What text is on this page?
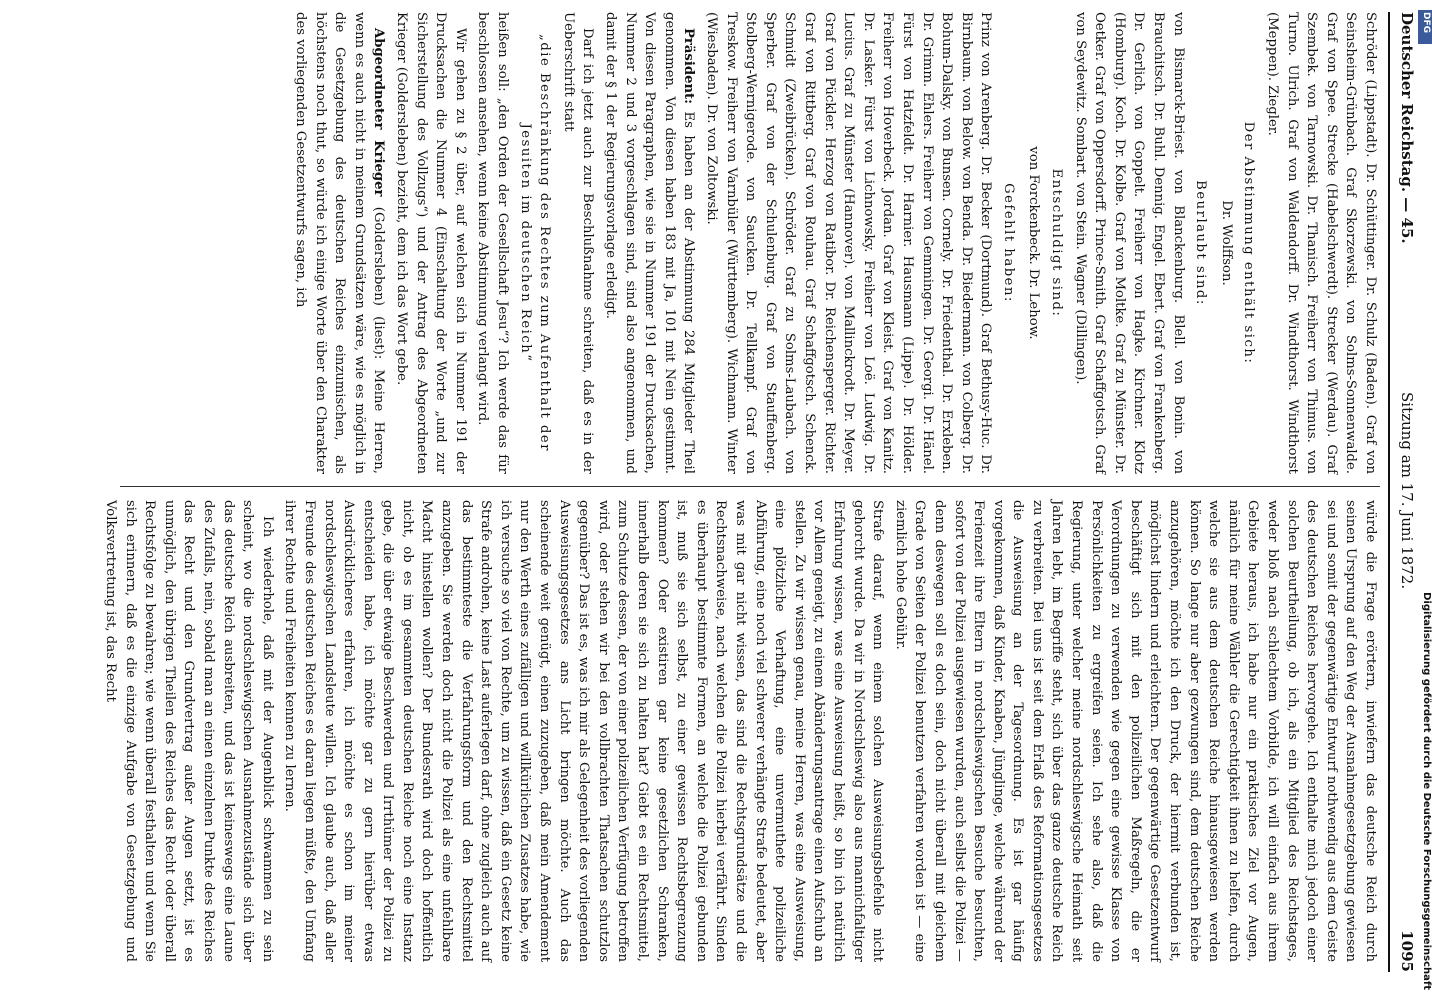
Deutscher Reichstag. — 45.
Sitzung am 17. Juni 1872.
1095

Schröder (Lippstadt). Dr. Schüttinger. Dr. Schulz (Baden). Graf von Seinsheim-Grünbach. Graf Skorzewski. von Solms-Sonnenwalde. Graf von Spee. Strecke (Habelschwerdt). Strecker (Werdau). Graf Szembek. von Tarnowski. Dr. Thanisch. Freiherr von Thimus. von Turno. Ulrich. Graf von Waldendorff. Dr. Windthorst. Windthorst (Meppen). Ziegler.

Der Abstimmung enthält sich:

Dr. Wolffson.

Beurlaubt sind:

von Bismarck-Briest. von Blanckenburg. Blell. von Bonin. von Brauchitsch. Dr. Buhl. Dennig. Engel. Ebert. Graf von Frankenberg. Dr. Gerlich. von Goppelt. Freiherr von Hagke. Kirchner. Klotz (Homburg). Koch. Dr. Kolbe. Graf von Moltke. Graf zu Münster. Dr. Oetker. Graf von Oppersdorff. Prince-Smith. Graf Schaffgotsch. Graf von Seydewitz. Sombart. von Stein. Wagner (Dillingen).

Entschuldigt sind:

von Forckenbeck. Dr. Lehow.

Gefehlt haben:

Prinz von Arenberg. Dr. Becker (Dortmund). Graf Bethusy-Huc. Dr. Birnbaum. von Below. von Benda. Dr. Biedermann. von Colberg. Dr. Bohum-Dalsky. von Bunsen. Cornely. Dr. Friedenthal. Dr. Erxleben. Dr. Grimm. Ehlers. Freiherr von Gemmingen. Dr. Georgi. Dr. Hänel. Fürst von Hatzfeldt. Dr. Harnier. Hausmann (Lippe). Dr. Hölder. Freiherr von Hoverbeck. Jordan. Graf von Kleist. Graf von Kanitz. Dr. Lasker. Fürst von Lichnowsky. Freiherr von Loë. Ludwig. Dr. Lucius. Graf zu Münster (Hannover). von Mallinckrodt. Dr. Meyer. Graf von Pückler. Herzog von Ratibor. Dr. Reichensperger. Richter. Graf von Rittberg. Graf von Rouhau. Graf Schaffgotsch. Schenck. Schmidt (Zweibrücken). Schröder. Graf zu Solms-Laubach. von Sperber. Graf von der Schulenburg. Graf von Stauffenberg. Stolberg-Wernigerode. von Saucken. Dr. Tellkampf. Graf von Treskow. Freiherr von Varnbüler (Württemberg). Wichmann. Winter (Wiesbaden). Dr. von Zoltowski.

Präsident: Es haben an der Abstimmung 284 Mitglieder Theil genommen. Von diesen haben 183 mit Ja, 101 mit Nein gestimmt. Von diesen Paragraphen, wie sie in Nummer 191 der Drucksachen, Nummer 2 und 3 vorgeschlagen sind, sind also angenommen, und damit der § 1 der Regierungsvorlage erledigt.

Darf ich jetzt auch zur Beschlußnahme schreiten, daß es in der Ueberschrift statt

„die Beschränkung des Rechtes zum Aufenthalt der Jesuiten im deutschen Reich“

heißen soll: „den Orden der Gesellschaft Jesu“? Ich werde das für beschlossen ansehen, wenn keine Abstimmung verlangt wird.

Wir gehen zu § 2 über, auf welchen sich in Nummer 191 der Drucksachen die Nummer 4 (Einschaltung der Worte „und zur Sicherstellung des Vollzugs“) und der Antrag des Abgeordneten Krieger (Goldersleben) bezieht, dem ich das Wort gebe.

Abgeordneter Krieger (Goldersleben) (liest): Meine Herren, wenn es auch nicht in meinem Grundsätzen wäre, wie es möglich in die Gesetzgebung des deutschen Reiches einzumischen, als höchstens noch thut, so würde ich einige Worte über den Charakter des vorliegenden Gesetzentwurfs sagen, ich

würde die Frage erörtern, inwiefern das deutsche Reich durch seinen Ursprung auf den Weg der Ausnahmegesetzgebung gewiesen sei und somit der gegenwärtige Entwurf nothwendig aus dem Geiste des deutschen Reiches hervorgehe. Ich enthalte mich jedoch einer solchen Beurtheilung, ob ich, als ein Mitglied des Reichstages, weder bloß nach schlechtem Vorbilde, ich will einfach aus ihrem Gebiete heraus, ich habe nur ein praktisches Ziel vor Augen, nämlich für meine Wähler die Gerechtigkeit ihnen zu helfen, durch welche sie aus dem deutschen Reiche hinausgewiesen werden können. So lange nur aber gezwungen sind, dem deutschen Reiche anzugehören, möchte ich den Druck, der hiermit verbunden ist, möglichst lindern und erleichtern. Der gegenwärtige Gesetzentwurf beschäftigt sich mit den polizeilichen Maßregeln, die er Verordnungen zu verwenden wie gegen eine gewisse Klasse von Persönlichkeiten zu ergreifen seien. Ich sehe also, daß die Regierung, unter welcher meine nordschleswigsche Heimath seit Jahren lebt, im Begriffe steht, sich über das ganze deutsche Reich zu verbreiten. Bei uns ist seit dem Erlaß des Reformationsgesetzes die Ausweisung an der Tagesordnung. Es ist gar häufig vorgekommen, daß Kinder, Knaben, Jünglinge, welche während der Ferienzeit ihre Eltern in nordschleswigschen Besuche besuchten, sofort von der Polizei ausgewiesen wurden, auch selbst die Polizei — denn deswegen soll es doch sein, doch nicht überall mit gleichem Grade von Seiten der Polizei benutzen verfahren worden ist — eine ziemlich hohe Gebühr.

Strafe darauf, wenn einem solchen Ausweisungsbefehle nicht gehorcht wurde. Da wir in Nordschleswig also aus mannichfaltiger Erfahrung wissen, was eine Ausweisung heißt, so bin ich natürlich vor Allem geneigt, zu einem Abänderungsantrage einen Aufschub an stellen. Zu wir wissen genau, meine Herren, was eine Ausweisung, eine plötzliche Verhaftung, eine unvermuthete polizeiliche Abführung, eine noch viel schwerer verhängte Strafe bedeutet, aber was mit gar nicht wissen, das sind die Rechtsgrundsätze und die Rechtsnachweise, nach welchen die Polizei hierbei verfährt. Sinden es überhaupt bestimmte Formen, an welche die Polizei gebunden ist, muß sie sich selbst, zu einer gewissen Rechtsbegrenzung kommen? Oder existiren gar keine gesetzlichen Schranken, innerhalb deren sie sich zu halten hat? Giebt es ein Rechtsmittel, zum Schutze dessen, der von einer polizeilichen Verfügung betroffen wird, oder stehen wir bei den vollbrachten Thatsachen schutzlos gegenüber? Das ist es, was ich mir als Gelegenheit des vorliegenden Ausweisungsgesetzes ans Licht bringen möchte. Auch das scheinende weit genügt, einen zuzugeben, daß mein Amendement nur den Werth eines zufälligen und willkürlichen Zusatzes habe, wie ich versuche so viel von Rechte, um zu wissen, daß ein Gesetz keine Strafe androhen, keine Last auferlegen darf, ohne zugleich auch auf das bestimmteste die Verfahrungsform und den Rechtsmittel anzugeben. Sie werden doch nicht die Polizei als eine unfehlbare Macht hinstellen wollen? Der Bundesrath wird doch hoffentlich nicht, ob es im gesammten deutschen Reiche noch eine Instanz gebe, die über etwaige Beschwerden und Irrthümer der Polizei zu entscheiden habe, ich möchte gar zu gern hierüber etwas Ausdrücklicheres erfahren, ich möchte es schon im meiner nordschleswigschen Landsleute willen. Ich glaube auch, daß aller Freunde des deutschen Reiches es daran liegen müßte, den Umfang ihrer Rechte und Freiheiten kennen zu lernen.

Ich wiederhole, daß mit der Augenblick schwammen zu sein scheint, wo die nordschleswigschen Ausnahmezustände sich über das deutsche Reich ausbreiten, und das ist keineswegs eine Laune des Zufalls, nein, sobald man an einen einzelnen Punkte des Reiches das Recht und den Grundvertrag außer Augen setzt, ist es unmöglich, den übrigen Theilen des Reiches das Recht oder überall Rechtsfolge zu bewahren; wie wenn überall festhalten und wenn Sie sich erinnern, daß es die einzige Aufgabe von Gesetzgebung und Volksvertretung ist, das Recht

DFG
Digitalisierung gefördert durch die Deutsche Forschungsgemeinschaft
